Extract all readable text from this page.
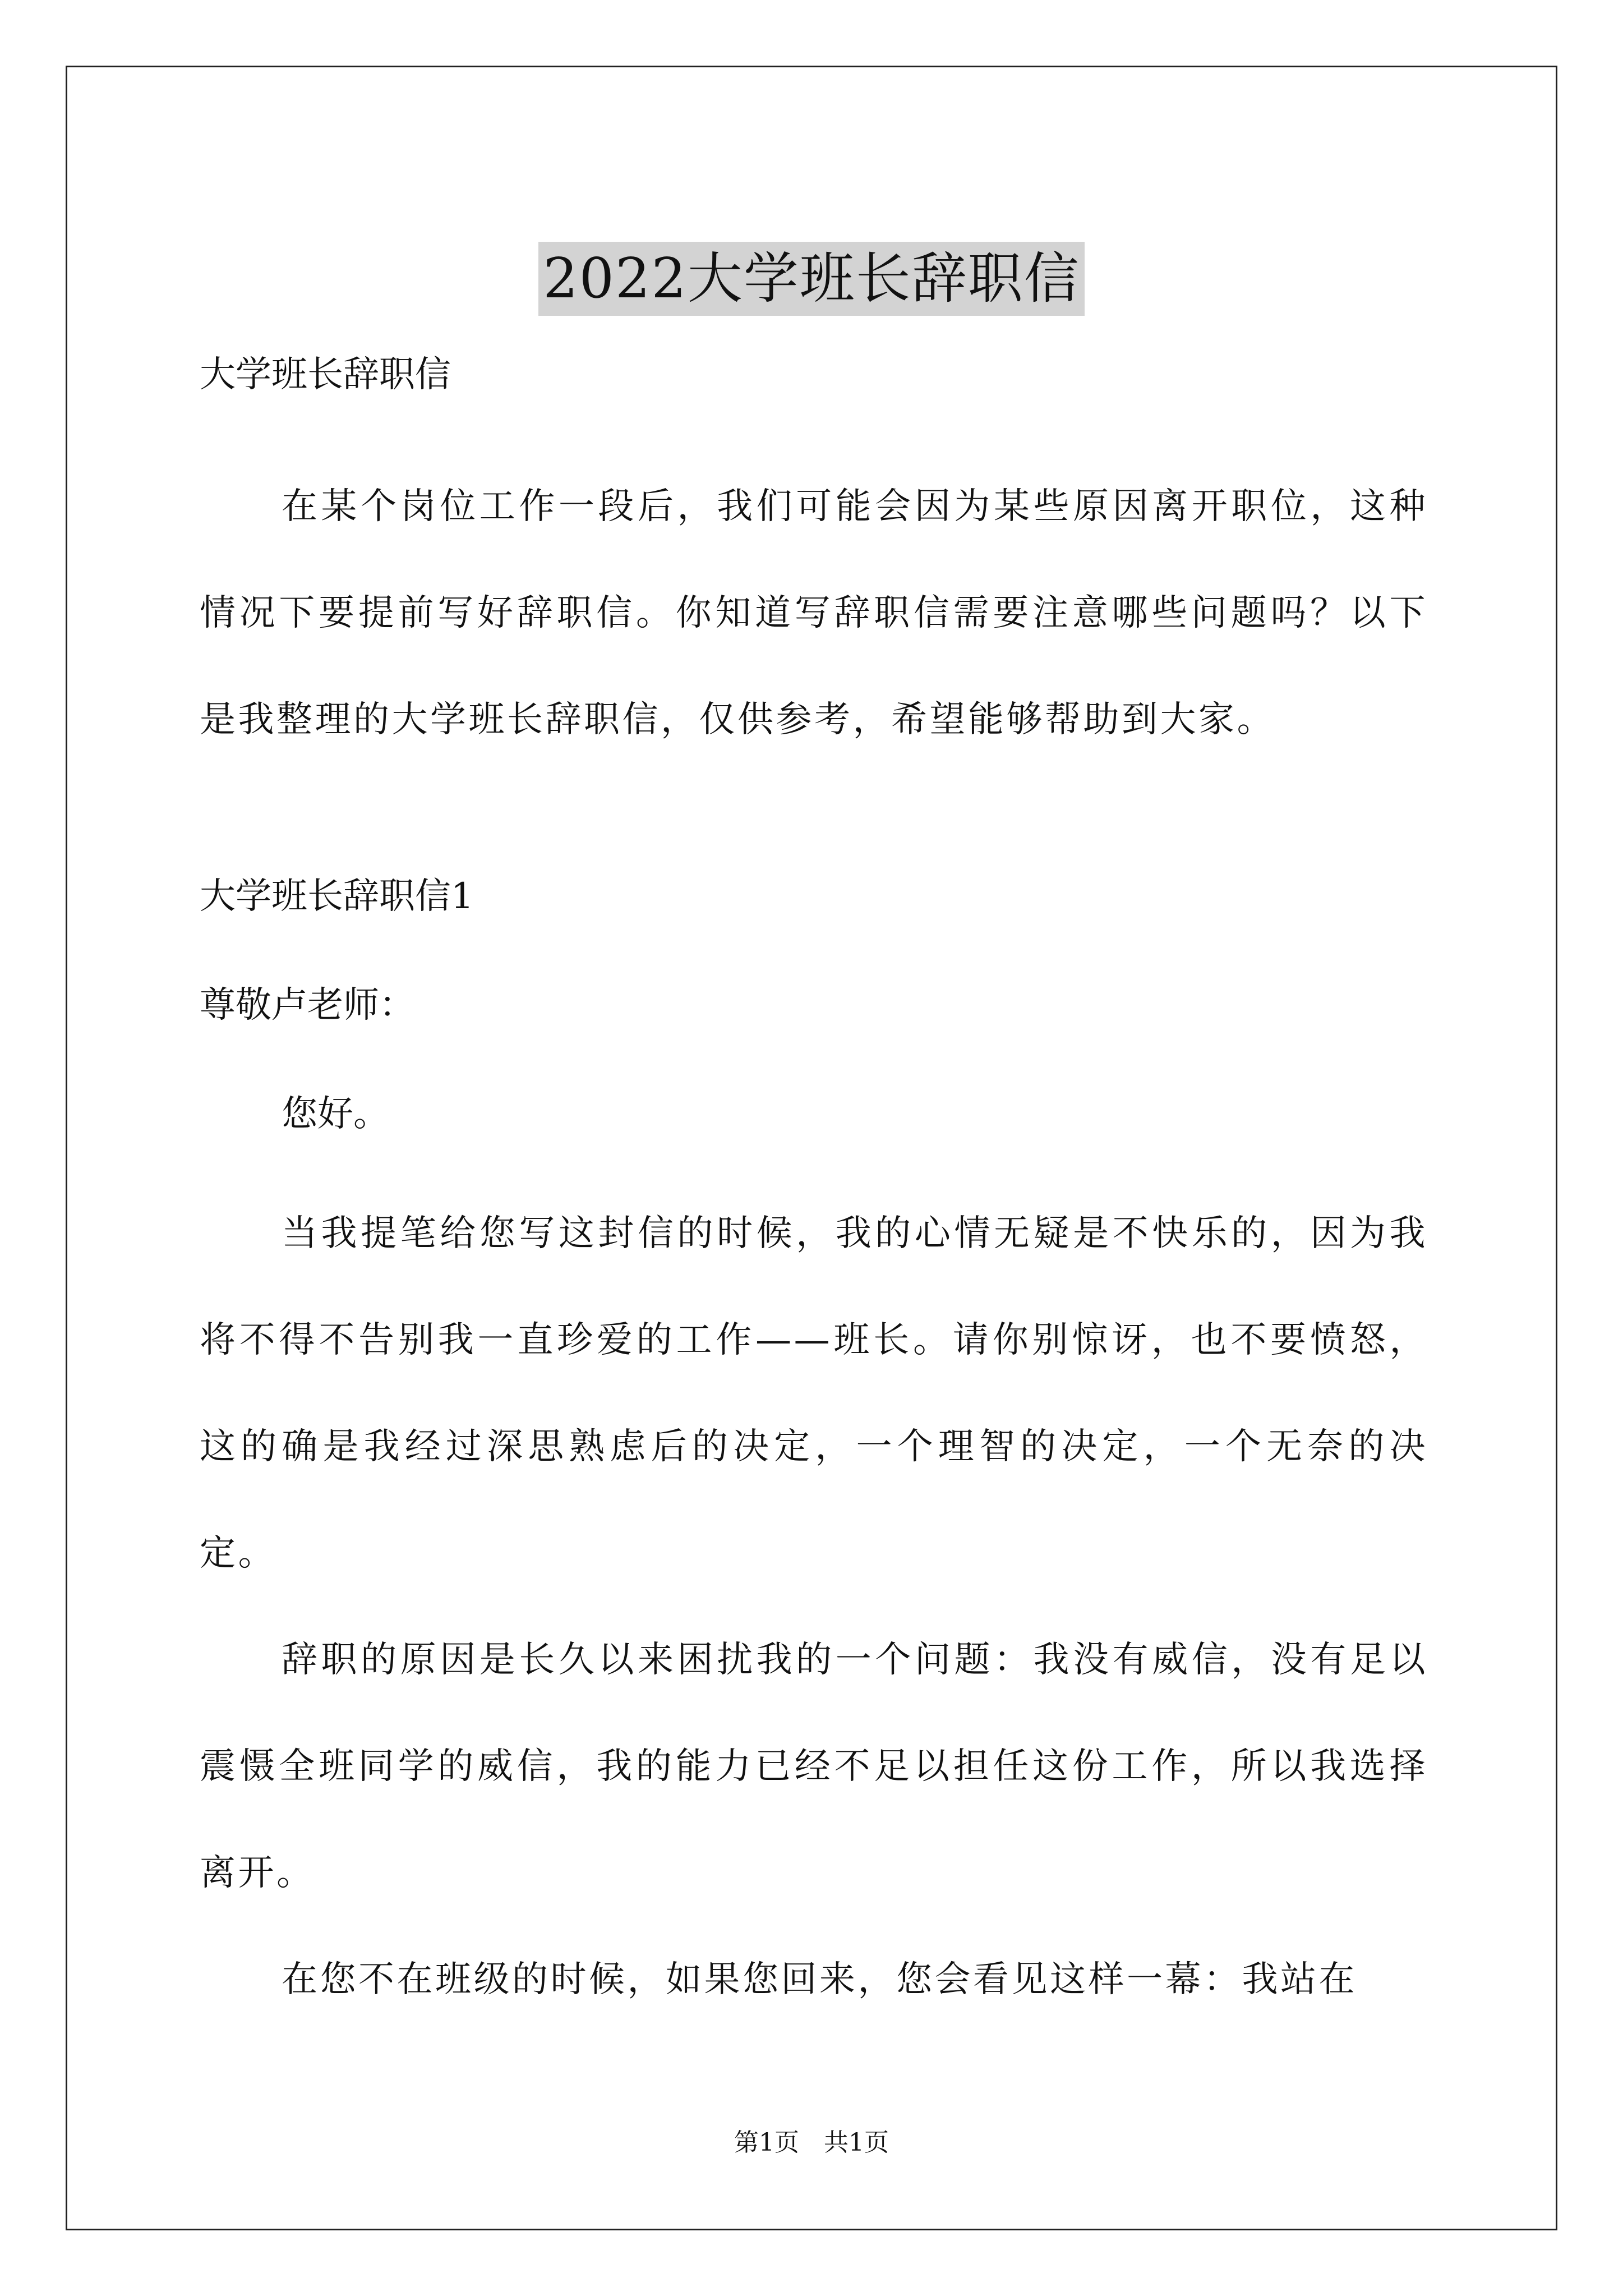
2022大学班长辞职信

大学班长辞职信

在某个岗位工作一段后，我们可能会因为某些原因离开职位，这种情况下要提前写好辞职信。你知道写辞职信需要注意哪些问题吗？以下是我整理的大学班长辞职信，仅供参考，希望能够帮助到大家。

大学班长辞职信1

尊敬卢老师：

您好。

当我提笔给您写这封信的时候，我的心情无疑是不快乐的，因为我将不得不告别我一直珍爱的工作——班长。请你别惊讶，也不要愤怒，这的确是我经过深思熟虑后的决定，一个理智的决定，一个无奈的决定。

辞职的原因是长久以来困扰我的一个问题：我没有威信，没有足以震慑全班同学的威信，我的能力已经不足以担任这份工作，所以我选择离开。

在您不在班级的时候，如果您回来，您会看见这样一幕：我站在

第1页　共1页
